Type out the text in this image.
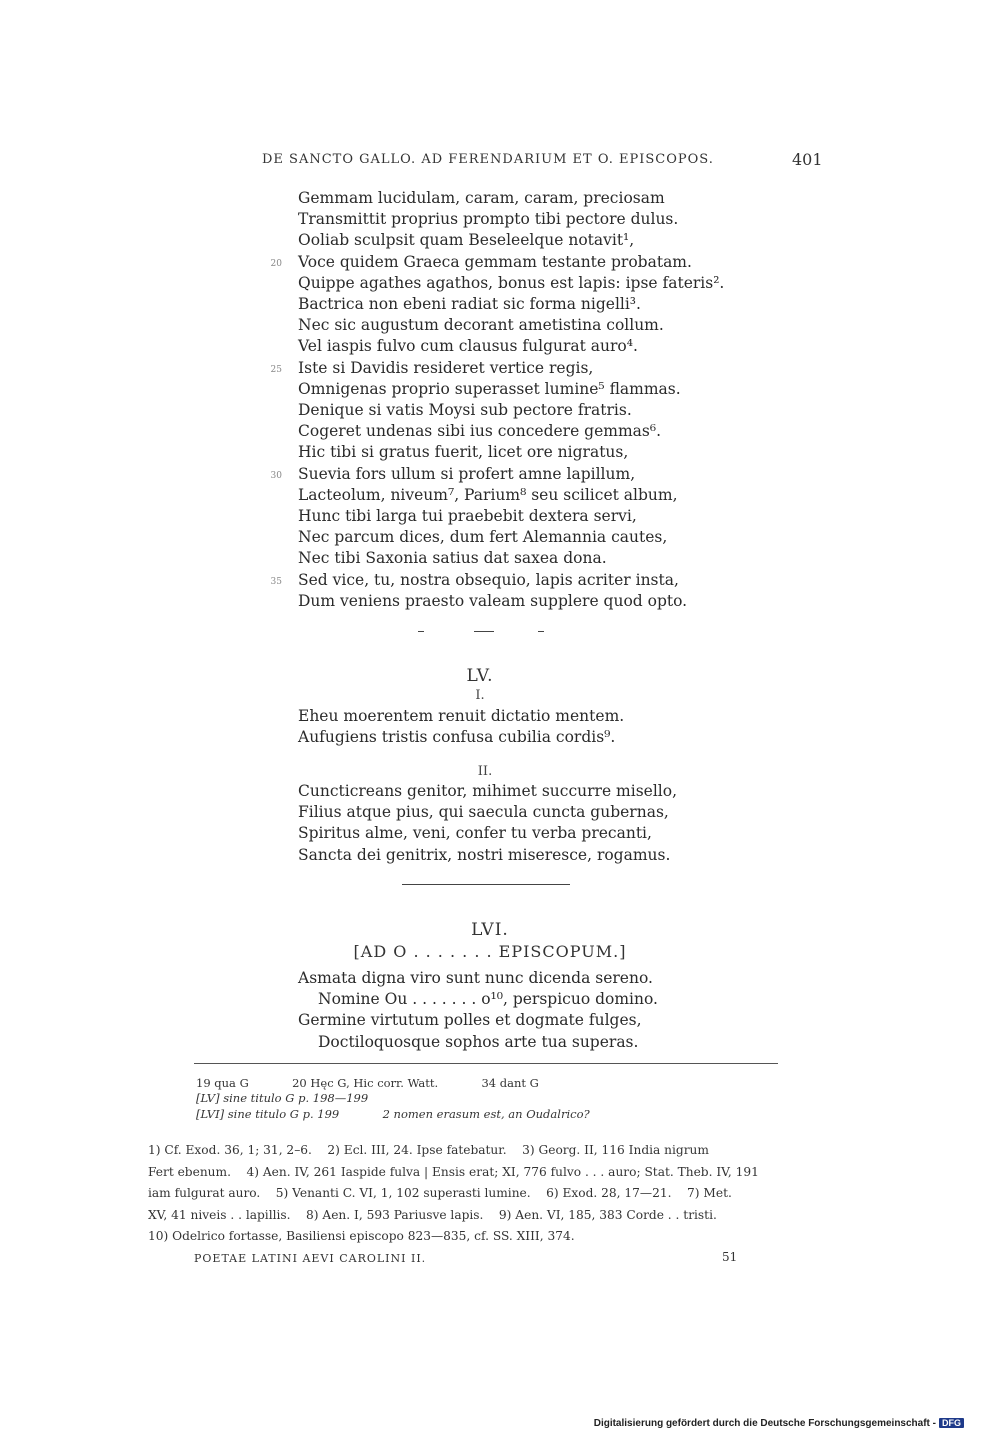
DE SANCTO GALLO. AD FERENDARIUM ET O. EPISCOPOS.	401
Gemmam lucidulam, caram, caram, preciosam
Transmittit proprius prompto tibi pectore dulus.
Ooliab sculpsit quam Beseleelque notavit¹,
20 Voce quidem Graeca gemmam testante probatam.
Quippe agathes agathos, bonus est lapis: ipse fateris².
Bactrica non ebeni radiat sic forma nigelli³.
Nec sic augustum decorant ametistina collum.
Vel iaspis fulvo cum clausus fulgurat auro⁴.
25 Iste si Davidis resideret vertice regis,
Omnigenas proprio superasset lumine⁵ flammas.
Denique si vatis Moysi sub pectore fratris.
Cogeret undenas sibi ius concedere gemmas⁶.
Hic tibi si gratus fuerit, licet ore nigratus,
30 Suevia fors ullum si profert amne lapillum,
Lacteolum, niveum⁷, Parium⁸ seu scilicet album,
Hunc tibi larga tui praebebit dextera servi,
Nec parcum dices, dum fert Alemannia cautes,
Nec tibi Saxonia satius dat saxea dona.
35 Sed vice, tu, nostra obsequio, lapis acriter insta,
Dum veniens praesto valeam supplere quod opto.
LV.
I.
Eheu moerentem renuit dictatio mentem.
Aufugiens tristis confusa cubilia cordis⁹.
II.
Cuncticreans genitor, mihimet succurre misello,
Filius atque pius, qui saecula cuncta gubernas,
Spiritus alme, veni, confer tu verba precanti,
Sancta dei genitrix, nostri miserescе, rogamus.
LVI.
[AD O . . . . . . . EPISCOPUM.]
Asmata digna viro sunt nunc dicenda sereno.
Nomine Ou . . . . . . . o¹⁰, perspicuo domino.
Germine virtutum polles et dogmate fulges,
Doctiloquosque sophos arte tua superas.
19 qua G	20 Hęc G, Hic corr. Watt.	34 dant G
[LV] sine titulo G p. 198—199
[LVI] sine titulo G p. 199	2 nomen erasum est, an Oudalrico?
1) Cf. Exod. 36, 1; 31, 2–6.    2) Ecl. III, 24. Ipse fatebatur.    3) Georg. II, 116 India nigrum
Fert ebenum.    4) Aen. IV, 261 Iaspide fulva | Ensis erat; XI, 776 fulvo . . . auro; Stat. Theb. IV, 191
iam fulgurat auro.    5) Venanti C. VI, 1, 102 superasti lumine.    6) Exod. 28, 17—21.    7) Met.
XV, 41 niveis . . lapillis.    8) Aen. I, 593 Pariusve lapis.    9) Aen. VI, 185, 383 Corde . . tristi.
10) Odelrico fortasse, Basiliensi episcopo 823—835, cf. SS. XIII, 374.
POETAE LATINI AEVI CAROLINI II.	51
Digitalisierung gefördert durch die Deutsche Forschungsgemeinschaft - DFG
